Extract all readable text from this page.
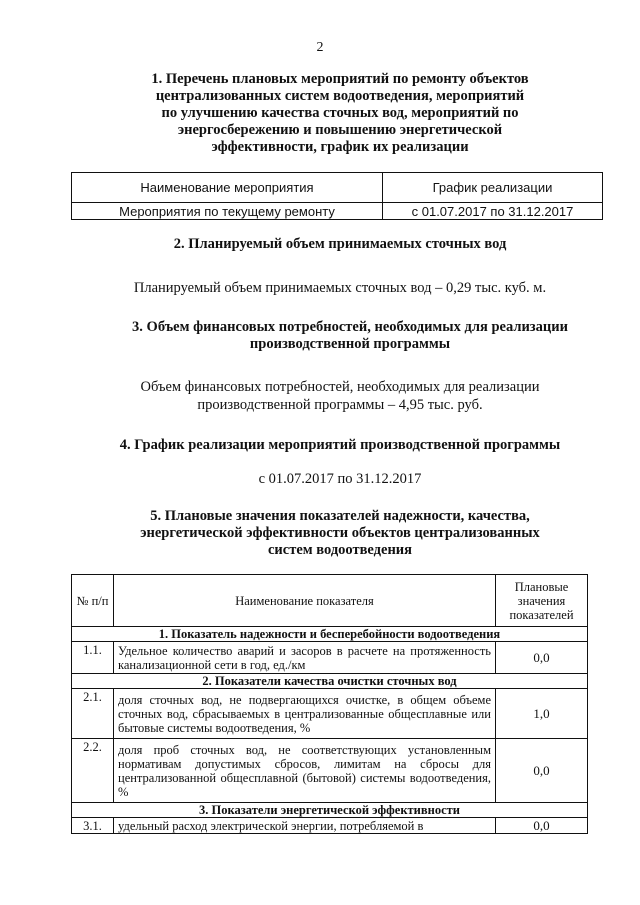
2
1. Перечень плановых мероприятий по ремонту объектов
централизованных систем водоотведения, мероприятий
по улучшению качества сточных вод, мероприятий по
энергосбережению и повышению энергетической
эффективности, график их реализации
Наименование мероприятия	График реализации
Мероприятия по текущему ремонту	с 01.07.2017 по 31.12.2017
2. Планируемый объем принимаемых сточных вод
Планируемый объем принимаемых сточных вод – 0,29 тыс. куб. м.
3. Объем финансовых потребностей, необходимых для реализации
производственной программы
Объем финансовых потребностей, необходимых для реализации
производственной программы – 4,95 тыс. руб.
4. График реализации мероприятий производственной программы
с 01.07.2017 по 31.12.2017
5. Плановые значения показателей надежности, качества,
энергетической эффективности объектов централизованных
систем водоотведения
№ п/п	Наименование показателя	Плановые значения показателей
1. Показатель надежности и бесперебойности водоотведения		
1.1.	Удельное количество аварий и засоров в расчете на протяженность канализационной сети в год, ед./км	0,0
2. Показатели качества очистки сточных вод		
2.1.	доля сточных вод, не подвергающихся очистке, в общем объеме сточных вод, сбрасываемых в централизованные общесплавные или бытовые системы водоотведения, %	1,0
2.2.	доля проб сточных вод, не соответствующих установленным нормативам допустимых сбросов, лимитам на сбросы для централизованной общесплавной (бытовой) системы водоотведения, %	0,0
3. Показатели энергетической эффективности		
3.1.	удельный расход электрической энергии, потребляемой в	0,0
